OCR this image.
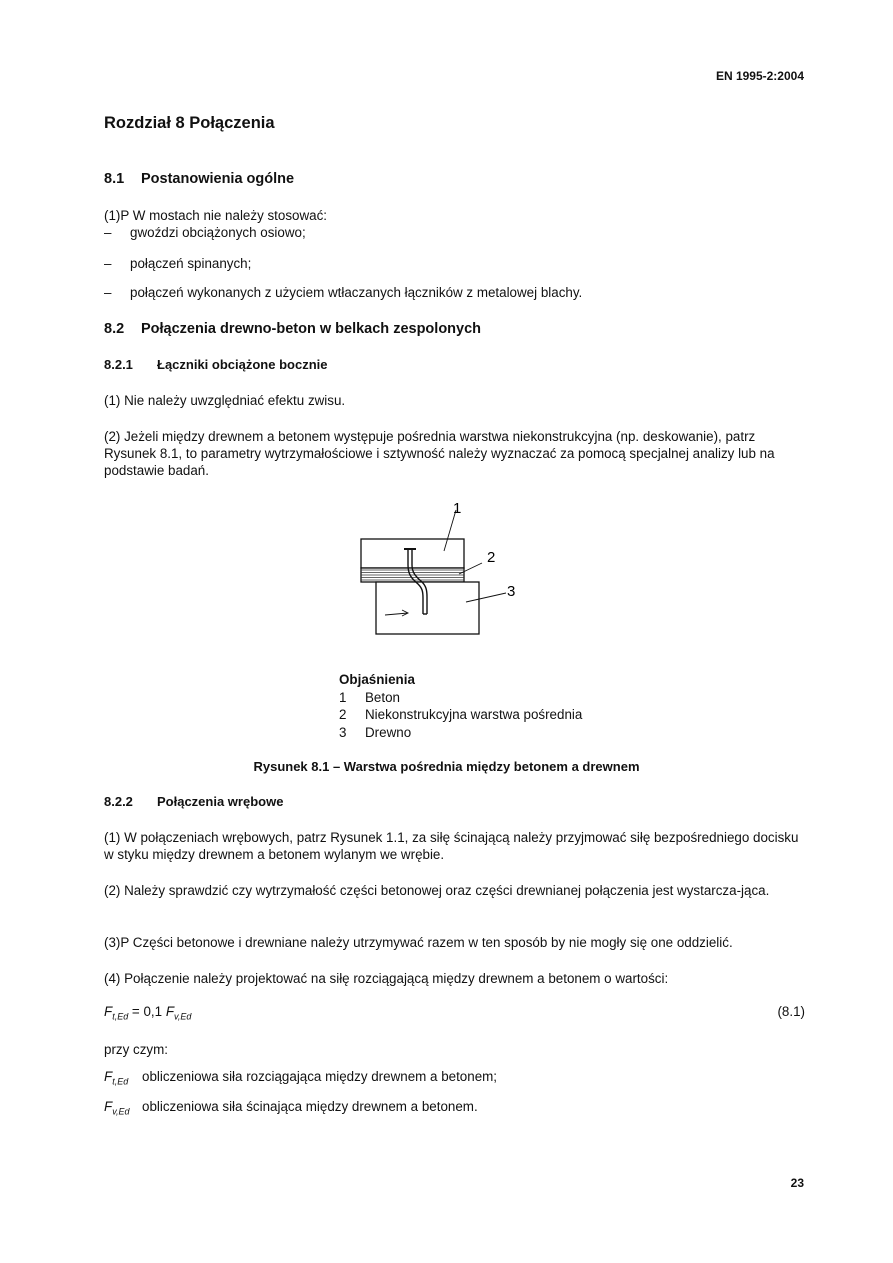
EN 1995-2:2004
Rozdział 8 Połączenia
8.1 Postanowienia ogólne
(1)P W mostach nie należy stosować:
– gwoździ obciążonych osiowo;
– połączeń spinanych;
– połączeń wykonanych z użyciem wtłaczanych łączników z metalowej blachy.
8.2 Połączenia drewno-beton w belkach zespolonych
8.2.1 Łączniki obciążone bocznie
(1) Nie należy uwzględniać efektu zwisu.
(2) Jeżeli między drewnem a betonem występuje pośrednia warstwa niekonstrukcyjna (np. deskowanie), patrz Rysunek 8.1, to parametry wytrzymałościowe i sztywność należy wyznaczać za pomocą specjalnej analizy lub na podstawie badań.
1
2
3
Objaśnienia
1 Beton
2 Niekonstrukcyjna warstwa pośrednia
3 Drewno
Rysunek 8.1 – Warstwa pośrednia między betonem a drewnem
8.2.2 Połączenia wrębowe
(1) W połączeniach wrębowych, patrz Rysunek 1.1, za siłę ścinającą należy przyjmować siłę bezpośredniego docisku w styku między drewnem a betonem wylanym we wrębie.
(2) Należy sprawdzić czy wytrzymałość części betonowej oraz części drewnianej połączenia jest wystarcza-jąca.
(3)P Części betonowe i drewniane należy utrzymywać razem w ten sposób by nie mogły się one oddzielić.
(4) Połączenie należy projektować na siłę rozciągającą między drewnem a betonem o wartości:
$F_{t,Ed} = 0,1$ $F_{v,Ed}$	(8.1)
przy czym:
$F_{t,Ed}$ obliczeniowa siła rozciągająca między drewnem a betonem;
$F_{v,Ed}$ obliczeniowa siła ścinająca między drewnem a betonem.
23
